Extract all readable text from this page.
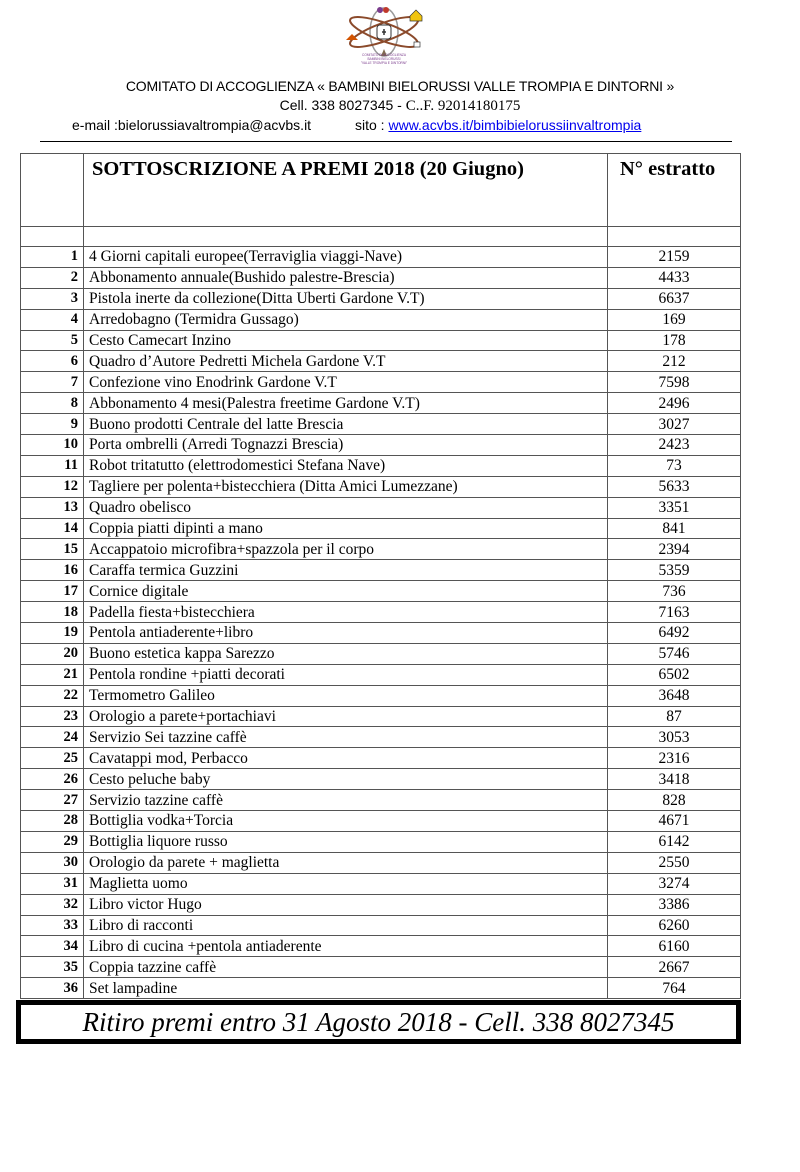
COMITATO DI ACCOGLIENZA
BAMBINI BIELORUSSI
"VALLE TROMPIA E DINTORNI"
COMITATO DI ACCOGLIENZA « BAMBINI BIELORUSSI VALLE TROMPIA E DINTORNI »
Cell. 338 8027345 - C..F. 92014180175
e-mail :bielorussiavaltrompia@acvbs.it	sito : www.acvbs.it/bimbibielorussiinvaltrompia
	SOTTOSCRIZIONE A PREMI 2018 (20 Giugno)	N° estratto

1	4 Giorni capitali europee(Terraviglia viaggi-Nave)	2159
2	Abbonamento annuale(Bushido palestre-Brescia)	4433
3	Pistola inerte da collezione(Ditta Uberti Gardone V.T)	6637
4	Arredobagno (Termidra Gussago)	169
5	Cesto Camecart Inzino	178
6	Quadro d’Autore Pedretti Michela Gardone V.T	212
7	Confezione vino Enodrink Gardone V.T	7598
8	Abbonamento 4 mesi(Palestra freetime Gardone V.T)	2496
9	Buono prodotti Centrale del latte Brescia	3027
10	Porta ombrelli (Arredi Tognazzi Brescia)	2423
11	Robot tritatutto (elettrodomestici Stefana Nave)	73
12	Tagliere per polenta+bistecchiera (Ditta Amici Lumezzane)	5633
13	Quadro obelisco	3351
14	Coppia piatti dipinti a mano	841
15	Accappatoio microfibra+spazzola per il corpo	2394
16	Caraffa termica Guzzini	5359
17	Cornice digitale	736
18	Padella fiesta+bistecchiera	7163
19	Pentola antiaderente+libro	6492
20	Buono estetica kappa Sarezzo	5746
21	Pentola rondine +piatti decorati	6502
22	Termometro Galileo	3648
23	Orologio a parete+portachiavi	87
24	Servizio Sei tazzine caffè	3053
25	Cavatappi mod, Perbacco	2316
26	Cesto peluche baby	3418
27	Servizio tazzine caffè	828
28	Bottiglia vodka+Torcia	4671
29	Bottiglia liquore russo	6142
30	Orologio da parete + maglietta	2550
31	Maglietta uomo	3274
32	Libro victor Hugo	3386
33	Libro di racconti	6260
34	Libro di cucina +pentola antiaderente	6160
35	Coppia tazzine caffè	2667
36	Set lampadine	764
Ritiro premi entro 31 Agosto 2018 - Cell. 338 8027345
